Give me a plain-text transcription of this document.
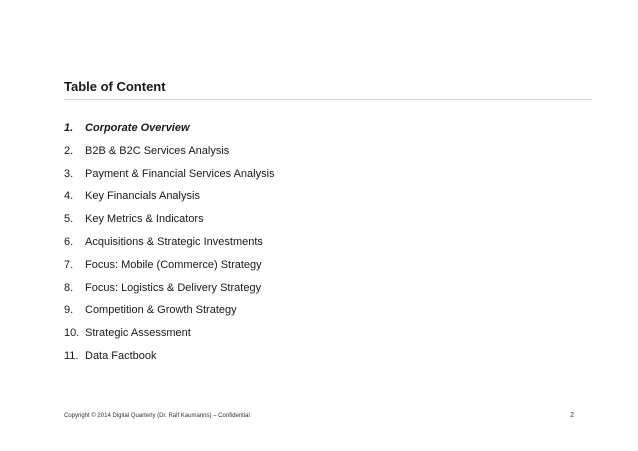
Table of Content
1.	Corporate Overview
2.	B2B & B2C Services Analysis
3.	Payment & Financial Services Analysis
4.	Key Financials Analysis
5.	Key Metrics & Indicators
6.	Acquisitions & Strategic Investments
7.	Focus: Mobile (Commerce) Strategy
8.	Focus: Logistics & Delivery Strategy
9.	Competition & Growth Strategy
10. Strategic Assessment
11. Data Factbook
Copyright © 2014 Digital Quarterly (Dr. Ralf Kaumanns) – Confidential	2
